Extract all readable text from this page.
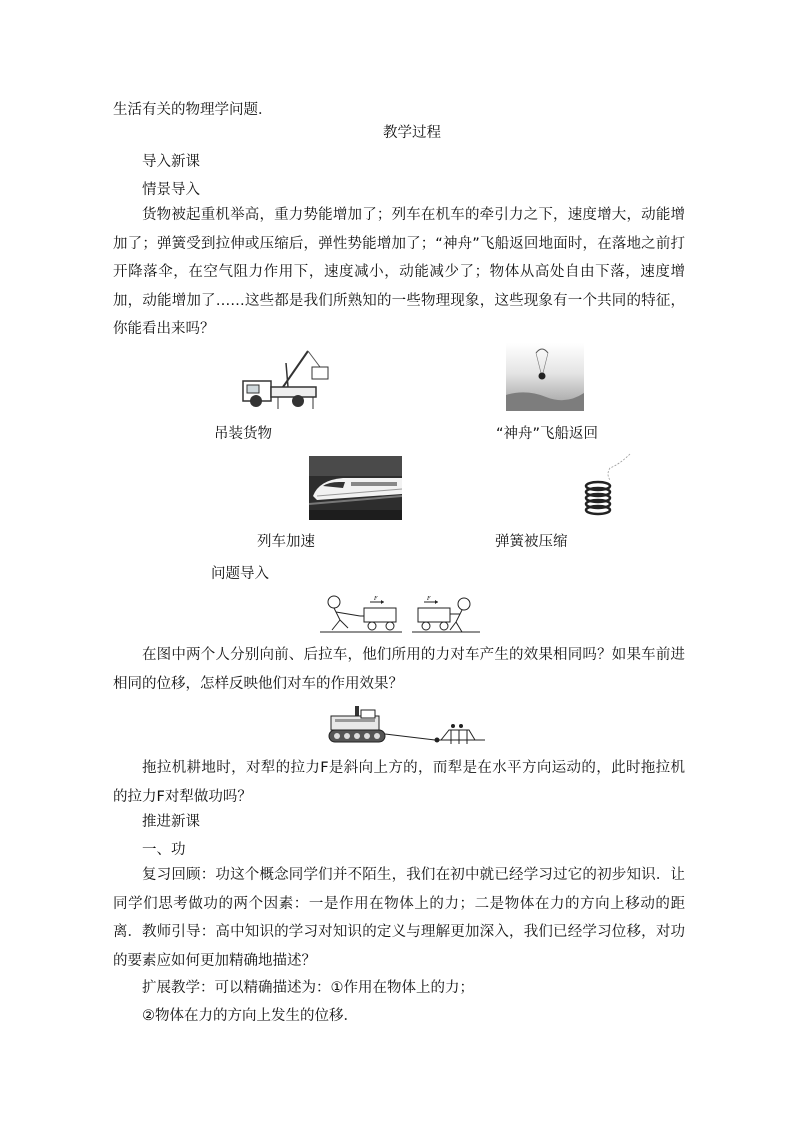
生活有关的物理学问题．
教学过程
导入新课
情景导入
货物被起重机举高，重力势能增加了；列车在机车的牵引力之下，速度增大，动能增加了；弹簧受到拉伸或压缩后，弹性势能增加了；“神舟”飞船返回地面时，在落地之前打开降落伞，在空气阻力作用下，速度减小，动能减少了；物体从高处自由下落，速度增加，动能增加了……这些都是我们所熟知的一些物理现象，这些现象有一个共同的特征，你能看出来吗？
吊装货物	“神舟”飞船返回
列车加速	弹簧被压缩
问题导入
F	F
在图中两个人分别向前、后拉车，他们所用的力对车产生的效果相同吗？如果车前进相同的位移，怎样反映他们对车的作用效果？
拖拉机耕地时，对犁的拉力F是斜向上方的，而犁是在水平方向运动的，此时拖拉机的拉力F对犁做功吗？
推进新课
一、功
复习回顾：功这个概念同学们并不陌生，我们在初中就已经学习过它的初步知识．让同学们思考做功的两个因素：一是作用在物体上的力；二是物体在力的方向上移动的距离． 教师引导：高中知识的学习对知识的定义与理解更加深入，我们已经学习位移，对功的要素应如何更加精确地描述？
扩展教学：可以精确描述为：①作用在物体上的力；
②物体在力的方向上发生的位移．
